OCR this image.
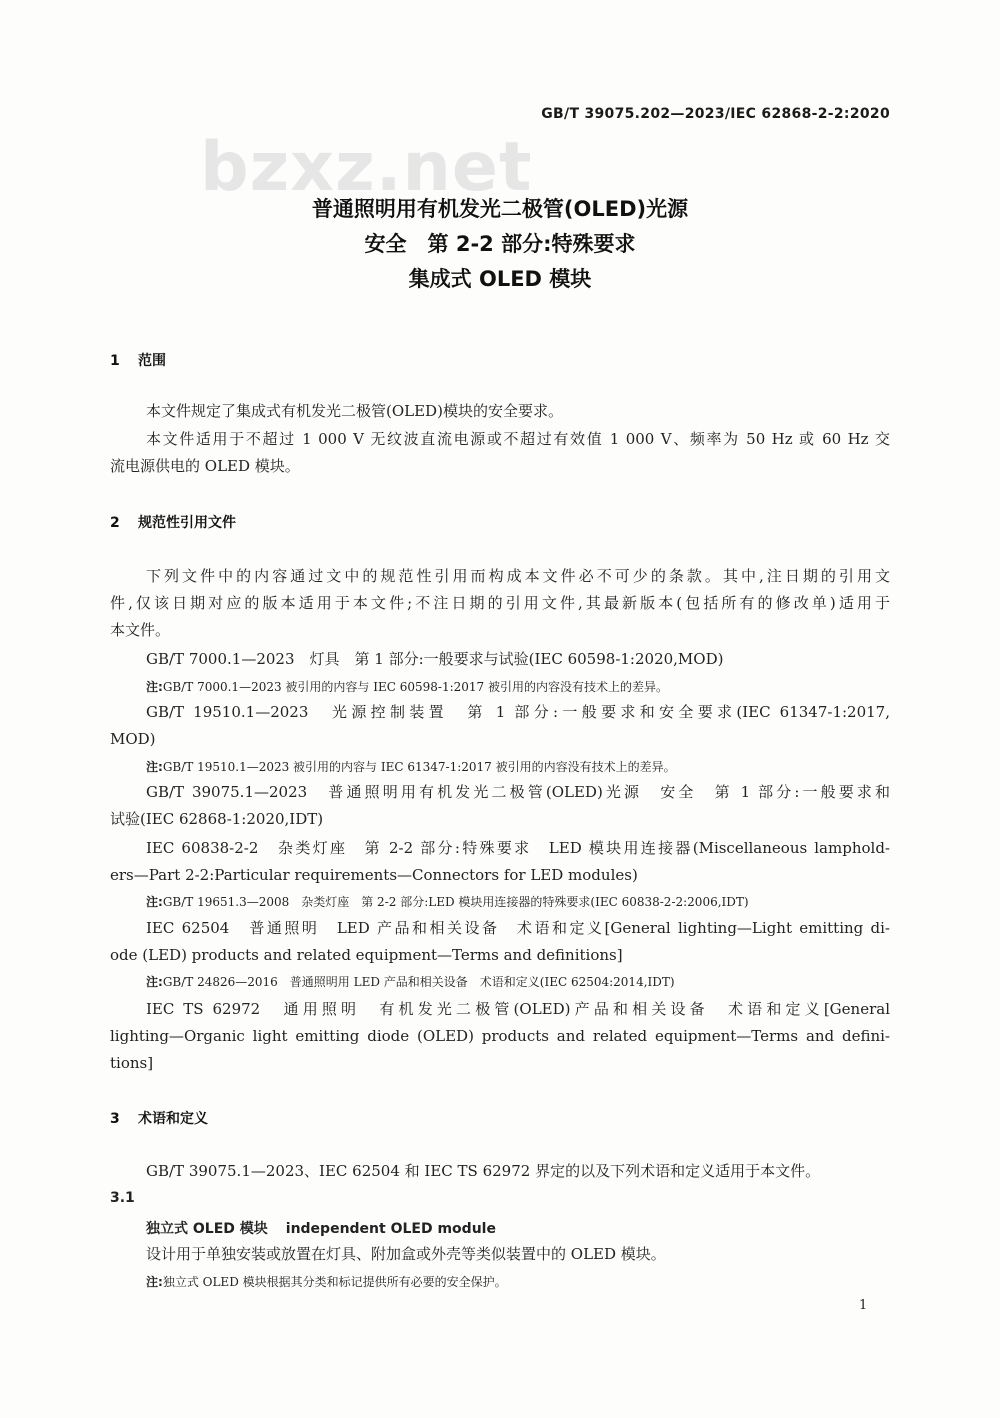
bzxz.net
GB/T 39075.202—2023/IEC 62868-2-2:2020
普通照明用有机发光二极管(OLED)光源
安全　第 2-2 部分:特殊要求
集成式 OLED 模块
1 范围
本文件规定了集成式有机发光二极管(OLED)模块的安全要求。
本文件适用于不超过 1 000 V 无纹波直流电源或不超过有效值 1 000 V、频率为 50 Hz 或 60 Hz 交
流电源供电的 OLED 模块。
2 规范性引用文件
下列文件中的内容通过文中的规范性引用而构成本文件必不可少的条款。其中,注日期的引用文
件,仅该日期对应的版本适用于本文件;不注日期的引用文件,其最新版本(包括所有的修改单)适用于
本文件。
GB/T 7000.1—2023　灯具　第 1 部分:一般要求与试验(IEC 60598-1:2020,MOD)
注:GB/T 7000.1—2023 被引用的内容与 IEC 60598-1:2017 被引用的内容没有技术上的差异。
GB/T 19510.1—2023　光源控制装置　第 1 部分:一般要求和安全要求(IEC 61347-1:2017,
MOD)
注:GB/T 19510.1—2023 被引用的内容与 IEC 61347-1:2017 被引用的内容没有技术上的差异。
GB/T 39075.1—2023　普通照明用有机发光二极管(OLED)光源　安全　第 1 部分:一般要求和
试验(IEC 62868-1:2020,IDT)
IEC 60838-2-2　杂类灯座　第 2-2 部分:特殊要求　LED 模块用连接器(Miscellaneous lamphold-
ers—Part 2-2:Particular requirements—Connectors for LED modules)
注:GB/T 19651.3—2008　杂类灯座　第 2-2 部分:LED 模块用连接器的特殊要求(IEC 60838-2-2:2006,IDT)
IEC 62504　普通照明　LED 产品和相关设备　术语和定义[General lighting—Light emitting di-
ode (LED) products and related equipment—Terms and definitions]
注:GB/T 24826—2016　普通照明用 LED 产品和相关设备　术语和定义(IEC 62504:2014,IDT)
IEC TS 62972　通用照明　有机发光二极管(OLED)产品和相关设备　术语和定义[General
lighting—Organic light emitting diode (OLED) products and related equipment—Terms and defini-
tions]
3 术语和定义
GB/T 39075.1—2023、IEC 62504 和 IEC TS 62972 界定的以及下列术语和定义适用于本文件。
3.1
独立式 OLED 模块 independent OLED module
设计用于单独安装或放置在灯具、附加盒或外壳等类似装置中的 OLED 模块。
注:独立式 OLED 模块根据其分类和标记提供所有必要的安全保护。
1
